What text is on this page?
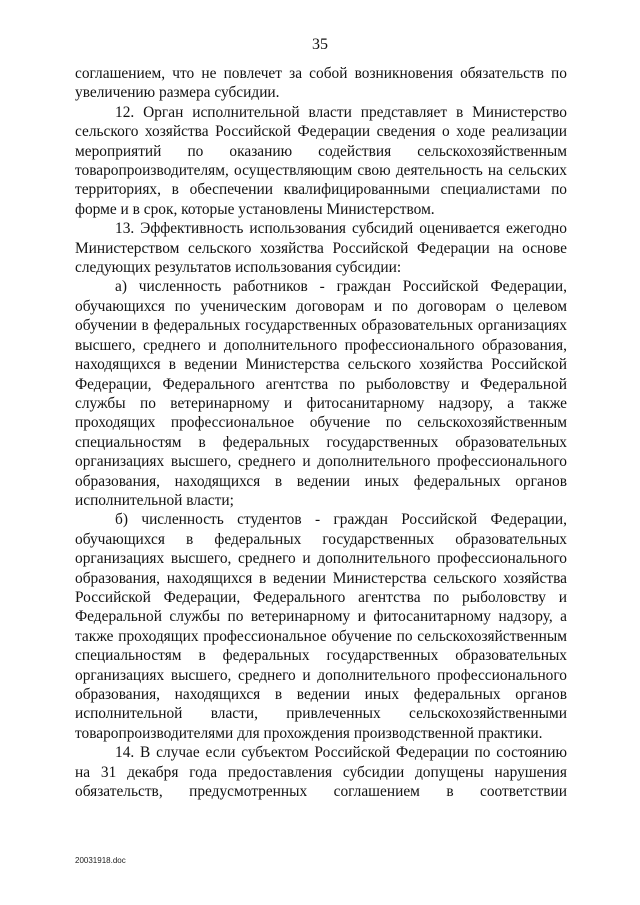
35

соглашением, что не повлечет за собой возникновения обязательств по увеличению размера субсидии.

12. Орган исполнительной власти представляет в Министерство сельского хозяйства Российской Федерации сведения о ходе реализации мероприятий по оказанию содействия сельскохозяйственным товаропроизводителям, осуществляющим свою деятельность на сельских территориях, в обеспечении квалифицированными специалистами по форме и в срок, которые установлены Министерством.

13. Эффективность использования субсидий оценивается ежегодно Министерством сельского хозяйства Российской Федерации на основе следующих результатов использования субсидии:

а) численность работников - граждан Российской Федерации, обучающихся по ученическим договорам и по договорам о целевом обучении в федеральных государственных образовательных организациях высшего, среднего и дополнительного профессионального образования, находящихся в ведении Министерства сельского хозяйства Российской Федерации, Федерального агентства по рыболовству и Федеральной службы по ветеринарному и фитосанитарному надзору, а также проходящих профессиональное обучение по сельскохозяйственным специальностям в федеральных государственных образовательных организациях высшего, среднего и дополнительного профессионального образования, находящихся в ведении иных федеральных органов исполнительной власти;

б) численность студентов - граждан Российской Федерации, обучающихся в федеральных государственных образовательных организациях высшего, среднего и дополнительного профессионального образования, находящихся в ведении Министерства сельского хозяйства Российской Федерации, Федерального агентства по рыболовству и Федеральной службы по ветеринарному и фитосанитарному надзору, а также проходящих профессиональное обучение по сельскохозяйственным специальностям в федеральных государственных образовательных организациях высшего, среднего и дополнительного профессионального образования, находящихся в ведении иных федеральных органов исполнительной власти, привлеченных сельскохозяйственными товаропроизводителями для прохождения производственной практики.

14. В случае если субъектом Российской Федерации по состоянию на 31 декабря года предоставления субсидии допущены нарушения обязательств, предусмотренных соглашением в соответствии

20031918.doc
